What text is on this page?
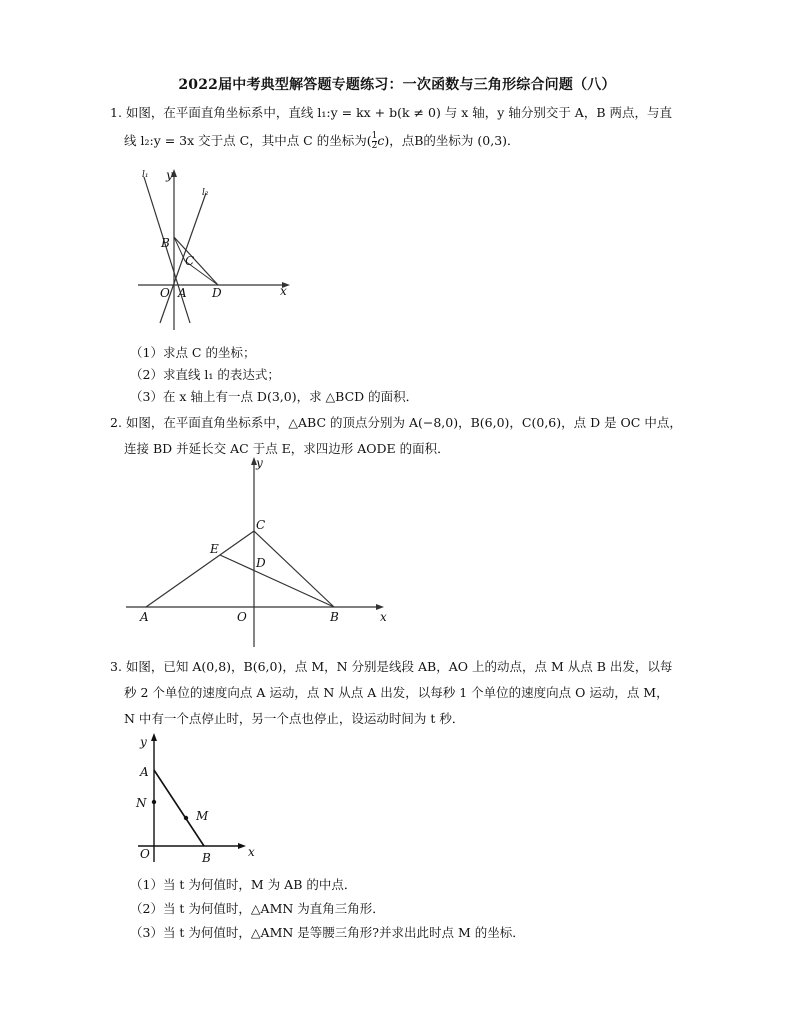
2022届中考典型解答题专题练习：一次函数与三角形综合问题（八）
1. 如图，在平面直角坐标系中，直线 l₁:y = kx + b(k ≠ 0) 与 x 轴，y 轴分别交于 A，B 两点，与直
线 l₂:y = 3x 交于点 C，其中点 C 的坐标为( $\frac{1}{2} c$)，点B的坐标为 (0,3)．
l₁ y
l₂
B
C
O A D	x
（1）求点 C 的坐标；
（2）求直线 l₁ 的表达式；
（3）在 x 轴上有一点 D(3,0)，求 △BCD 的面积．
2. 如图，在平面直角坐标系中，△ABC 的顶点分别为 A(−8,0)，B(6,0)，C(0,6)，点 D 是 OC 中点，
连接 BD 并延长交 AC 于点 E，求四边形 AODE 的面积．
y
C
E
D
A	O	B	x
3. 如图，已知 A(0,8)，B(6,0)，点 M，N 分别是线段 AB，AO 上的动点，点 M 从点 B 出发，以每
秒 2 个单位的速度向点 A 运动，点 N 从点 A 出发，以每秒 1 个单位的速度向点 O 运动，点 M，
N 中有一个点停止时，另一个点也停止，设运动时间为 t 秒．
y
A
N
M
O	B	x
（1）当 t 为何值时，M 为 AB 的中点．
（2）当 t 为何值时，△AMN 为直角三角形．
（3）当 t 为何值时，△AMN 是等腰三角形?并求出此时点 M 的坐标．
